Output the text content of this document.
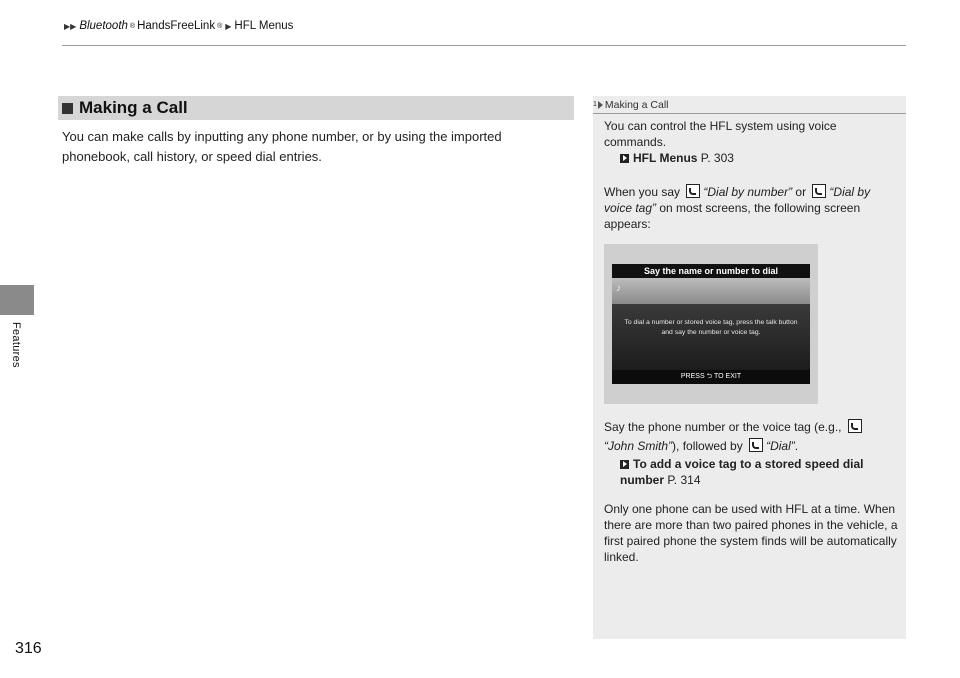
▶▶ Bluetooth ® HandsFreeLink ® ▶ HFL Menus
Features
316
Making a Call
You can make calls by inputting any phone number, or by using the imported phonebook, call history, or speed dial entries.
1 Making a Call
You can control the HFL system using voice commands.
HFL Menus P. 303
When you say “Dial by number” or “Dial by voice tag” on most screens, the following screen appears:
Say the name or number to dial
♪
To dial a number or stored voice tag, press the talk button and say the number or voice tag.
PRESS ⮌ TO EXIT
Say the phone number or the voice tag (e.g.,
“John Smith”), followed by “Dial”.
To add a voice tag to a stored speed dial number P. 314
Only one phone can be used with HFL at a time. When there are more than two paired phones in the vehicle, a first paired phone the system finds will be automatically linked.
